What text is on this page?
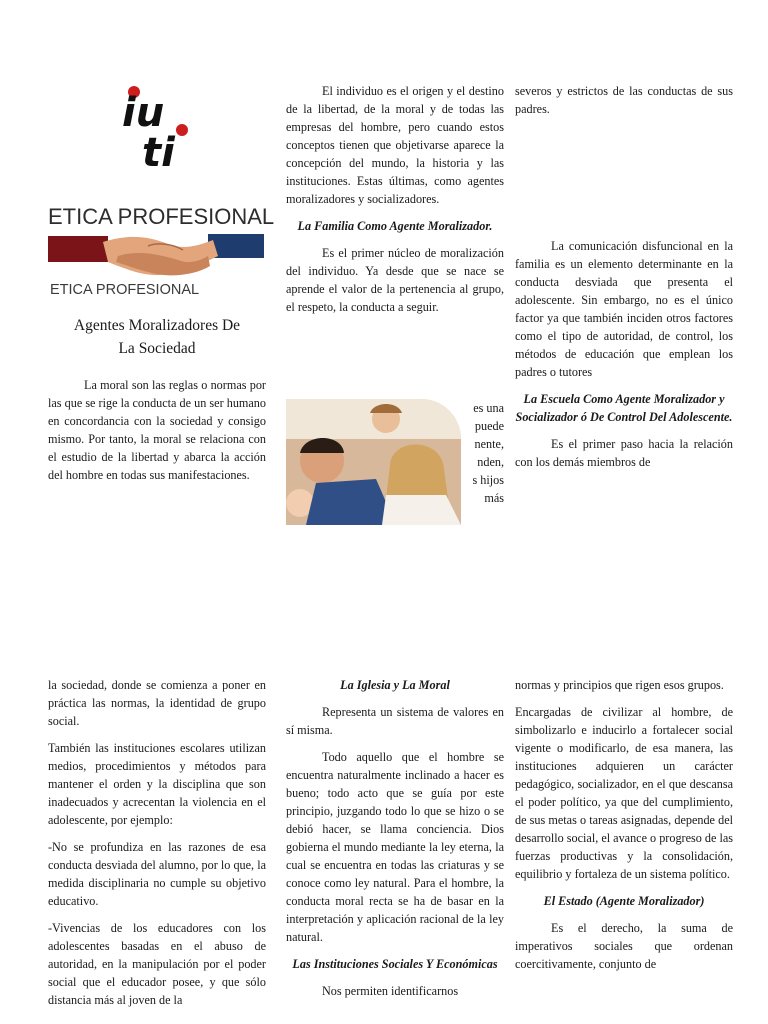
iu
ti
ETICA PROFESIONAL
ETICA PROFESIONAL
Agentes Moralizadores De
La Sociedad

La moral son las reglas o normas por las que se rige la conducta de un ser humano en concordancia con la sociedad y consigo mismo. Por tanto, la moral se relaciona con el estudio de la libertad y abarca la acción del hombre en todas sus manifestaciones.

El individuo es el origen y el destino de la libertad, de la moral y de todas las empresas del hombre, pero cuando estos conceptos tienen que objetivarse aparece la concepción del mundo, la historia y las instituciones. Estas últimas, como agentes moralizadores y socializadores.

La Familia Como Agente Moralizador.

Es el primer núcleo de moralización del individuo. Ya desde que se nace se aprende el valor de la pertenencia al grupo, el respeto, la conducta a seguir.

es una
puede
nente,
nden,
s hijos
más

severos y estrictos de las conductas de sus padres.

La comunicación disfuncional en la familia es un elemento determinante en la conducta desviada que presenta el adolescente. Sin embargo, no es el único factor ya que también inciden otros factores como el tipo de autoridad, de control, los métodos de educación que emplean los padres o tutores

La Escuela Como Agente Moralizador y Socializador ó De Control Del Adolescente.

Es el primer paso hacia la relación con los demás miembros de

la sociedad, donde se comienza a poner en práctica las normas, la identidad de grupo social.

También las instituciones escolares utilizan medios, procedimientos y métodos para mantener el orden y la disciplina que son inadecuados y acrecentan la violencia en el adolescente, por ejemplo:

-No se profundiza en las razones de esa conducta desviada del alumno, por lo que, la medida disciplinaria no cumple su objetivo educativo.

-Vivencias de los educadores con los adolescentes basadas en el abuso de autoridad, en la manipulación por el poder social que el educador posee, y que sólo distancia más al joven de la

La Iglesia y La Moral

Representa un sistema de valores en sí misma.

Todo aquello que el hombre se encuentra naturalmente inclinado a hacer es bueno; todo acto que se guía por este principio, juzgando todo lo que se hizo o se debió hacer, se llama conciencia. Dios gobierna el mundo mediante la ley eterna, la cual se encuentra en todas las criaturas y se conoce como ley natural. Para el hombre, la conducta moral recta se ha de basar en la interpretación y aplicación racional de la ley natural.

Las Instituciones Sociales Y Económicas

Nos permiten identificarnos

normas y principios que rigen esos grupos.

Encargadas de civilizar al hombre, de simbolizarlo e inducirlo a fortalecer social vigente o modificarlo, de esa manera, las instituciones adquieren un carácter pedagógico, socializador, en el que descansa el poder político, ya que del cumplimiento, de sus metas o tareas asignadas, depende del desarrollo social, el avance o progreso de las fuerzas productivas y la consolidación, equilibrio y fortaleza de un sistema político.

El Estado (Agente Moralizador)

Es el derecho, la suma de imperativos sociales que ordenan coercitivamente, conjunto de
